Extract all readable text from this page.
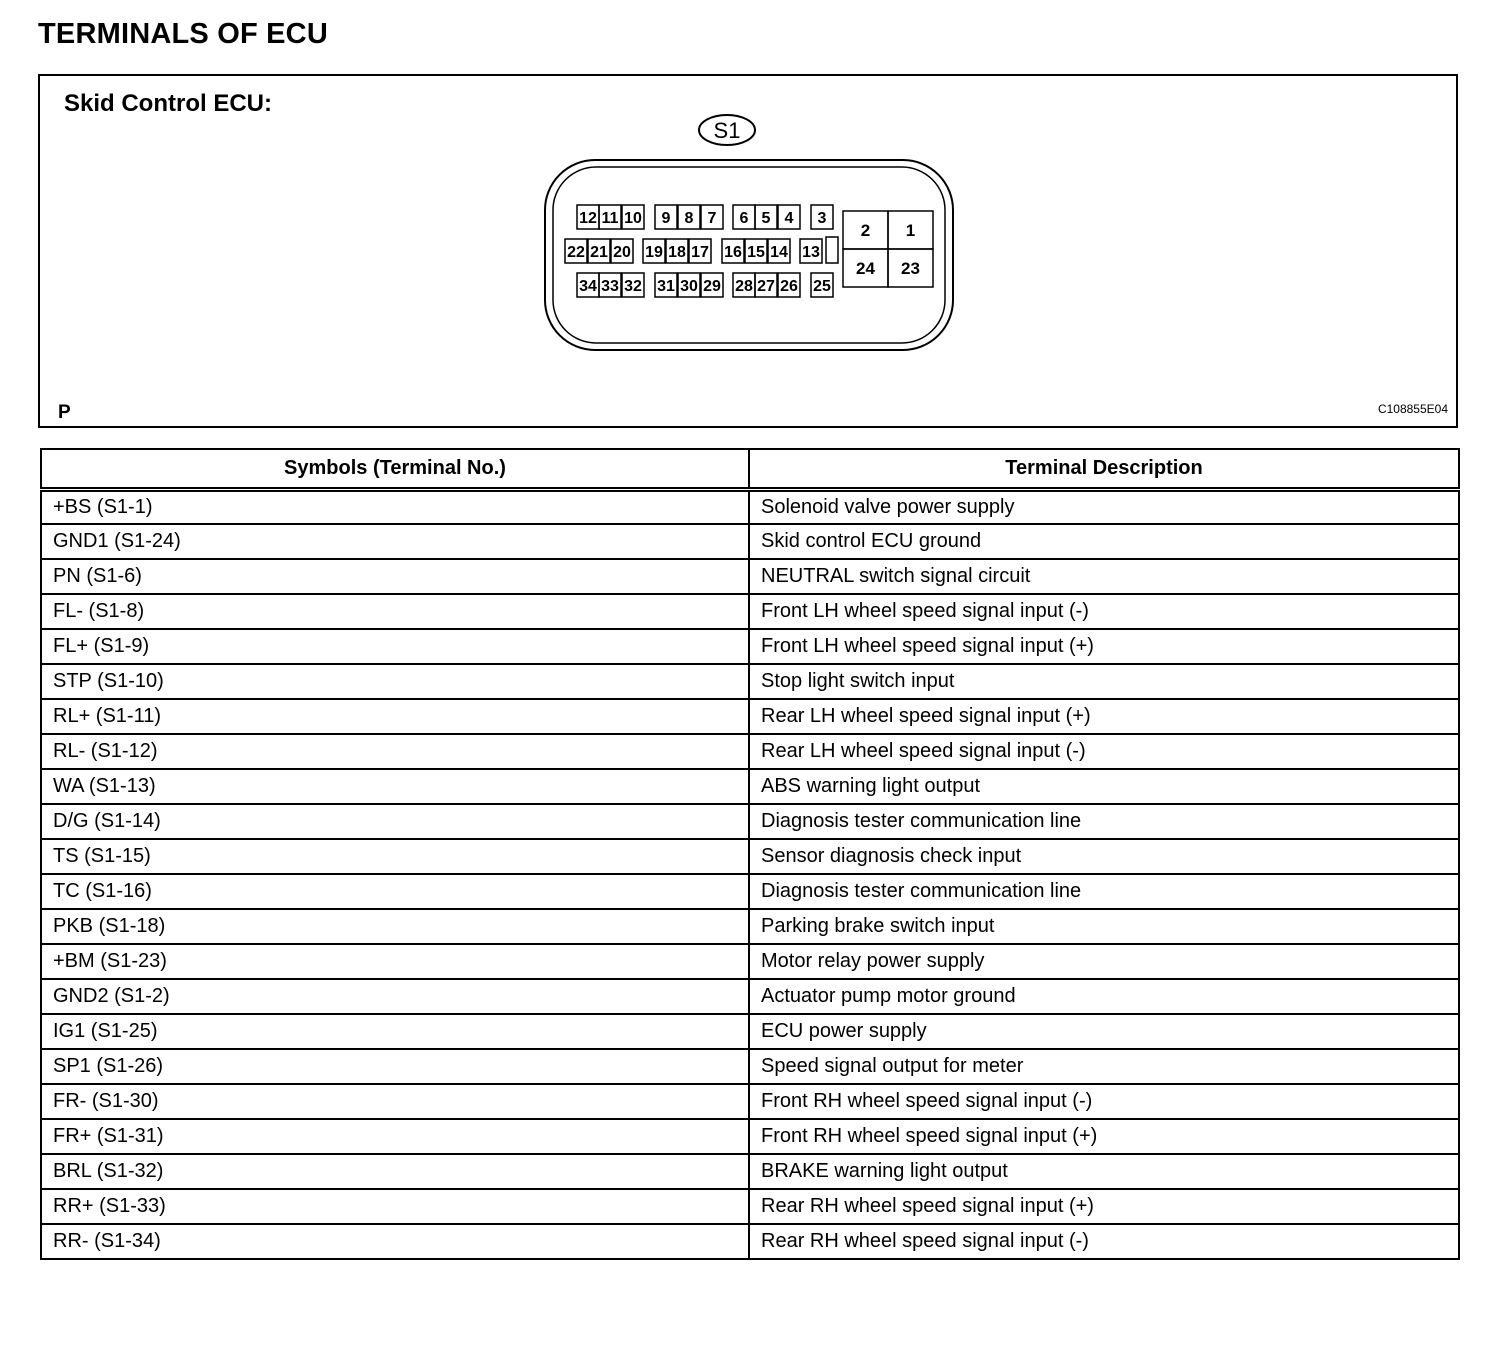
TERMINALS OF ECU
Skid Control ECU:
S1
12 11 10 9 8 7 6 5 4 3
22 21 20 19 18 17 16 15 14 13
34 33 32 31 30 29 28 27 26 25
2 1
24 23
P	C108855E04
Symbols (Terminal No.)	Terminal Description
+BS (S1-1)	Solenoid valve power supply
GND1 (S1-24)	Skid control ECU ground
PN (S1-6)	NEUTRAL switch signal circuit
FL- (S1-8)	Front LH wheel speed signal input (-)
FL+ (S1-9)	Front LH wheel speed signal input (+)
STP (S1-10)	Stop light switch input
RL+ (S1-11)	Rear LH wheel speed signal input (+)
RL- (S1-12)	Rear LH wheel speed signal input (-)
WA (S1-13)	ABS warning light output
D/G (S1-14)	Diagnosis tester communication line
TS (S1-15)	Sensor diagnosis check input
TC (S1-16)	Diagnosis tester communication line
PKB (S1-18)	Parking brake switch input
+BM (S1-23)	Motor relay power supply
GND2 (S1-2)	Actuator pump motor ground
IG1 (S1-25)	ECU power supply
SP1 (S1-26)	Speed signal output for meter
FR- (S1-30)	Front RH wheel speed signal input (-)
FR+ (S1-31)	Front RH wheel speed signal input (+)
BRL (S1-32)	BRAKE warning light output
RR+ (S1-33)	Rear RH wheel speed signal input (+)
RR- (S1-34)	Rear RH wheel speed signal input (-)
